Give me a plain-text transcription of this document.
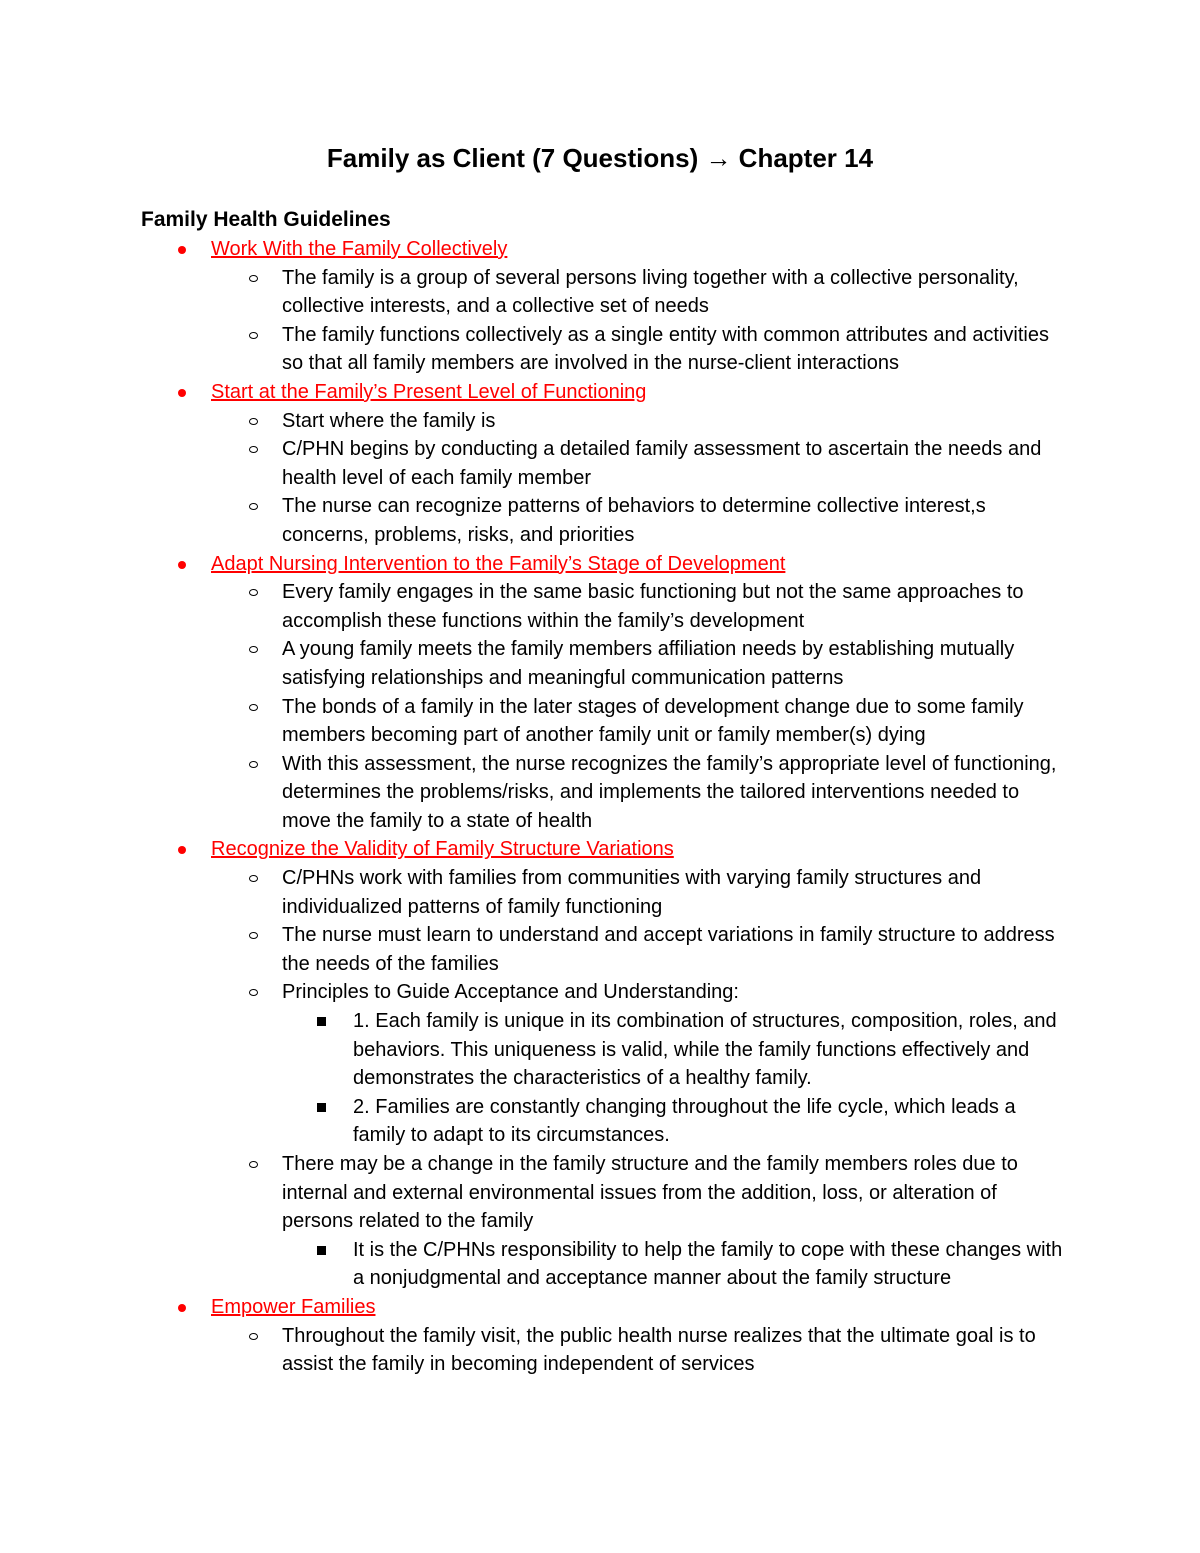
Family as Client (7 Questions) → Chapter 14
Family Health Guidelines
Work With the Family Collectively
The family is a group of several persons living together with a collective personality, collective interests, and a collective set of needs
The family functions collectively as a single entity with common attributes and activities so that all family members are involved in the nurse-client interactions
Start at the Family’s Present Level of Functioning
Start where the family is
C/PHN begins by conducting a detailed family assessment to ascertain the needs and health level of each family member
The nurse can recognize patterns of behaviors to determine collective interest,s concerns, problems, risks, and priorities
Adapt Nursing Intervention to the Family’s Stage of Development
Every family engages in the same basic functioning but not the same approaches to accomplish these functions within the family’s development
A young family meets the family members affiliation needs by establishing mutually satisfying relationships and meaningful communication patterns
The bonds of a family in the later stages of development change due to some family members becoming part of another family unit or family member(s) dying
With this assessment, the nurse recognizes the family’s appropriate level of functioning, determines the problems/risks, and implements the tailored interventions needed to move the family to a state of health
Recognize the Validity of Family Structure Variations
C/PHNs work with families from communities with varying family structures and individualized patterns of family functioning
The nurse must learn to understand and accept variations in family structure to address the needs of the families
Principles to Guide Acceptance and Understanding:
1. Each family is unique in its combination of structures, composition, roles, and behaviors. This uniqueness is valid, while the family functions effectively and demonstrates the characteristics of a healthy family.
2. Families are constantly changing throughout the life cycle, which leads a family to adapt to its circumstances.
There may be a change in the family structure and the family members roles due to internal and external environmental issues from the addition, loss, or alteration of persons related to the family
It is the C/PHNs responsibility to help the family to cope with these changes with a nonjudgmental and acceptance manner about the family structure
Empower Families
Throughout the family visit, the public health nurse realizes that the ultimate goal is to assist the family in becoming independent of services
